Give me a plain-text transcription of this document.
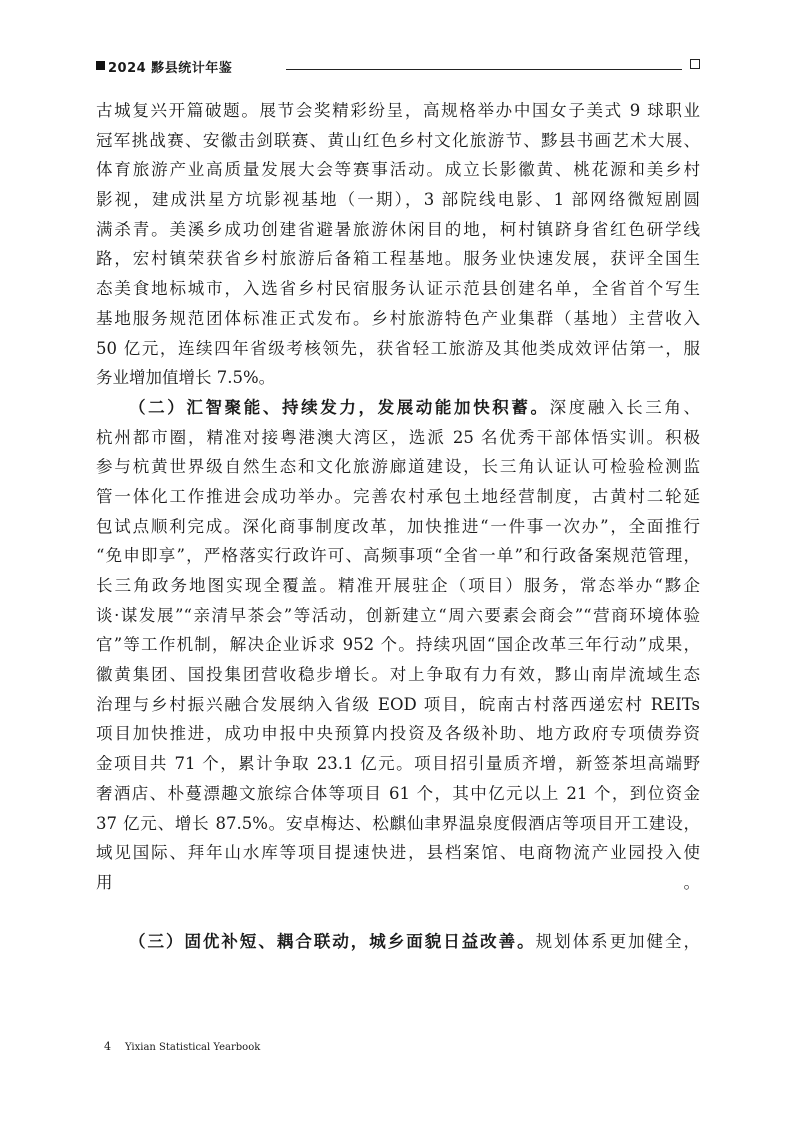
2024 黟县统计年鉴
古城复兴开篇破题。展节会奖精彩纷呈，高规格举办中国女子美式 9 球职业
冠军挑战赛、安徽击剑联赛、黄山红色乡村文化旅游节、黟县书画艺术大展、
体育旅游产业高质量发展大会等赛事活动。成立长影徽黄、桃花源和美乡村
影视，建成洪星方坑影视基地（一期），3 部院线电影、1 部网络微短剧圆
满杀青。美溪乡成功创建省避暑旅游休闲目的地，柯村镇跻身省红色研学线
路，宏村镇荣获省乡村旅游后备箱工程基地。服务业快速发展，获评全国生
态美食地标城市，入选省乡村民宿服务认证示范县创建名单，全省首个写生
基地服务规范团体标准正式发布。乡村旅游特色产业集群（基地）主营收入
50 亿元，连续四年省级考核领先，获省轻工旅游及其他类成效评估第一，服
务业增加值增长 7.5%。
（二）汇智聚能、持续发力，发展动能加快积蓄。深度融入长三角、
杭州都市圈，精准对接粤港澳大湾区，选派 25 名优秀干部体悟实训。积极
参与杭黄世界级自然生态和文化旅游廊道建设，长三角认证认可检验检测监
管一体化工作推进会成功举办。完善农村承包土地经营制度，古黄村二轮延
包试点顺利完成。深化商事制度改革，加快推进“一件事一次办”，全面推行
“免申即享”，严格落实行政许可、高频事项“全省一单”和行政备案规范管理，
长三角政务地图实现全覆盖。精准开展驻企（项目）服务，常态举办“黟企
谈·谋发展”“亲清早茶会”等活动，创新建立“周六要素会商会”“营商环境体验
官”等工作机制，解决企业诉求 952 个。持续巩固“国企改革三年行动”成果，
徽黄集团、国投集团营收稳步增长。对上争取有力有效，黟山南岸流域生态
治理与乡村振兴融合发展纳入省级 EOD 项目，皖南古村落西递宏村 REITs
项目加快推进，成功申报中央预算内投资及各级补助、地方政府专项债券资
金项目共 71 个，累计争取 23.1 亿元。项目招引量质齐增，新签茶坦高端野
奢酒店、朴蔓漂趣文旅综合体等项目 61 个，其中亿元以上 21 个，到位资金
37 亿元、增长 87.5%。安卓梅达、松麒仙聿界温泉度假酒店等项目开工建设，
域见国际、拜年山水库等项目提速快进，县档案馆、电商物流产业园投入使
用。
（三）固优补短、耦合联动，城乡面貌日益改善。规划体系更加健全，
4 Yixian Statistical Yearbook
